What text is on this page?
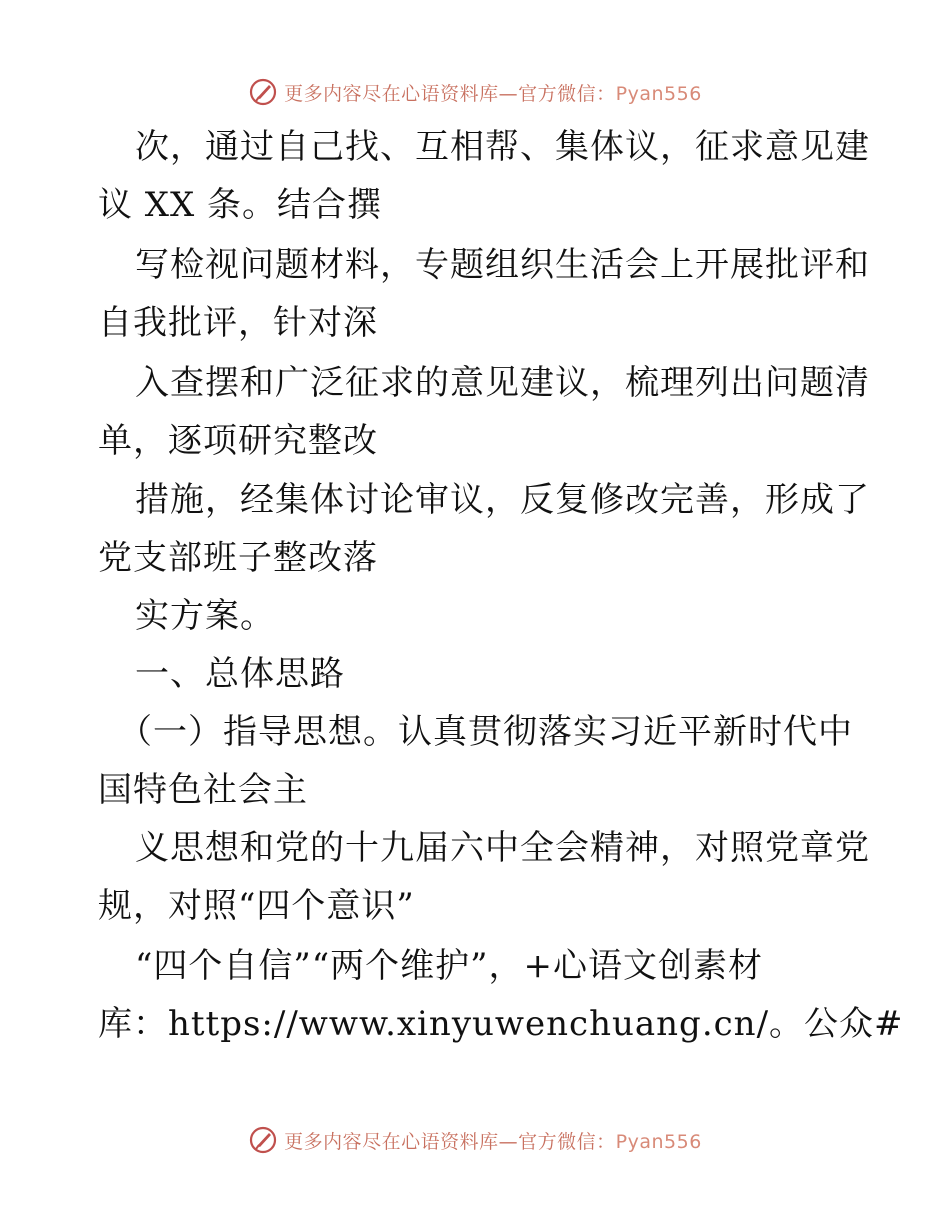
更多内容尽在心语资料库—官方微信：Pyan556
次，通过自己找、互相帮、集体议，征求意见建
议 XX 条。结合撰
写检视问题材料，专题组织生活会上开展批评和
自我批评，针对深
入查摆和广泛征求的意见建议，梳理列出问题清
单，逐项研究整改
措施，经集体讨论审议，反复修改完善，形成了
党支部班子整改落
实方案。
一、总体思路
（一）指导思想。认真贯彻落实习近平新时代中
国特色社会主
义思想和党的十九届六中全会精神，对照党章党
规，对照“四个意识”
“四个自信”“两个维护”，+心语文创素材
库：https://www.xinyuwenchuang.cn/。公众#
更多内容尽在心语资料库—官方微信：Pyan556
